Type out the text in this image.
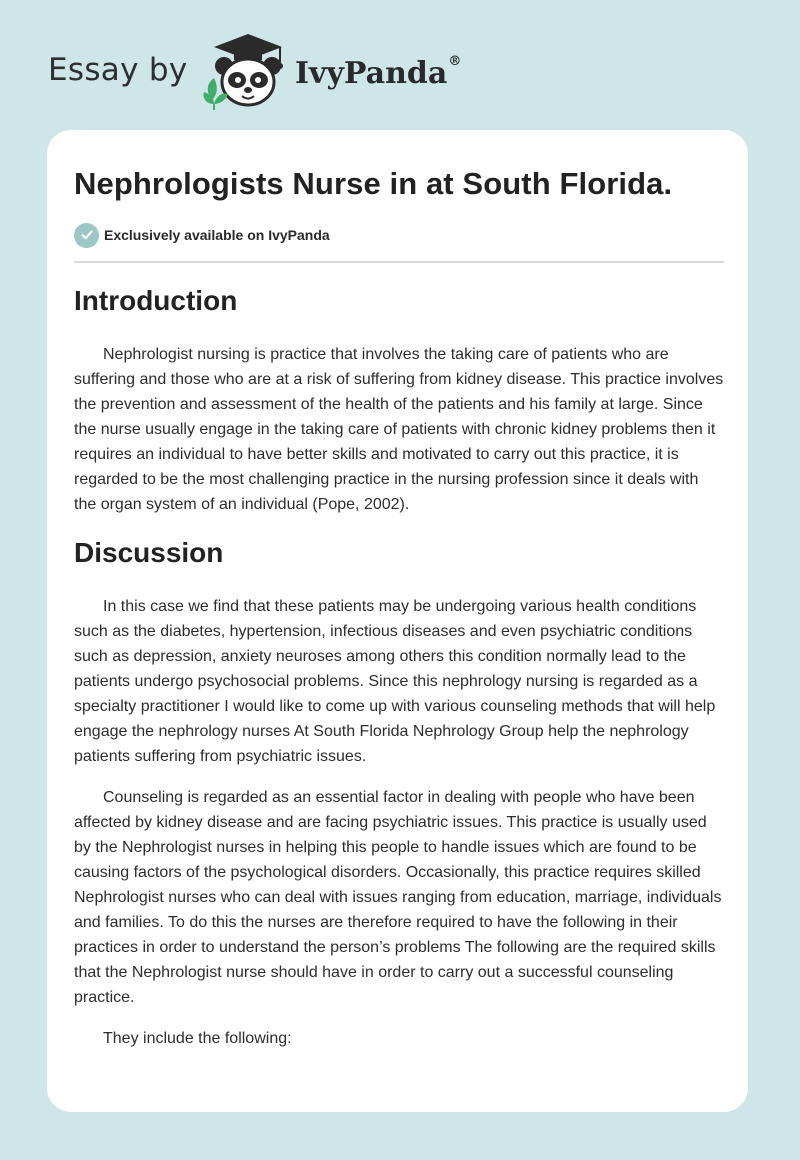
Essay by	IvyPanda®
Nephrologists Nurse in at South Florida.
Exclusively available on IvyPanda
Introduction

Nephrologist nursing is practice that involves the taking care of patients who are suffering and those who are at a risk of suffering from kidney disease. This practice involves the prevention and assessment of the health of the patients and his family at large. Since the nurse usually engage in the taking care of patients with chronic kidney problems then it requires an individual to have better skills and motivated to carry out this practice, it is regarded to be the most challenging practice in the nursing profession since it deals with the organ system of an individual (Pope, 2002).

Discussion

In this case we find that these patients may be undergoing various health conditions such as the diabetes, hypertension, infectious diseases and even psychiatric conditions such as depression, anxiety neuroses among others this condition normally lead to the patients undergo psychosocial problems. Since this nephrology nursing is regarded as a specialty practitioner I would like to come up with various counseling methods that will help engage the nephrology nurses At South Florida Nephrology Group help the nephrology patients suffering from psychiatric issues.

Counseling is regarded as an essential factor in dealing with people who have been affected by kidney disease and are facing psychiatric issues. This practice is usually used by the Nephrologist nurses in helping this people to handle issues which are found to be causing factors of the psychological disorders. Occasionally, this practice requires skilled Nephrologist nurses who can deal with issues ranging from education, marriage, individuals and families. To do this the nurses are therefore required to have the following in their practices in order to understand the person’s problems The following are the required skills that the Nephrologist nurse should have in order to carry out a successful counseling practice.

They include the following:
